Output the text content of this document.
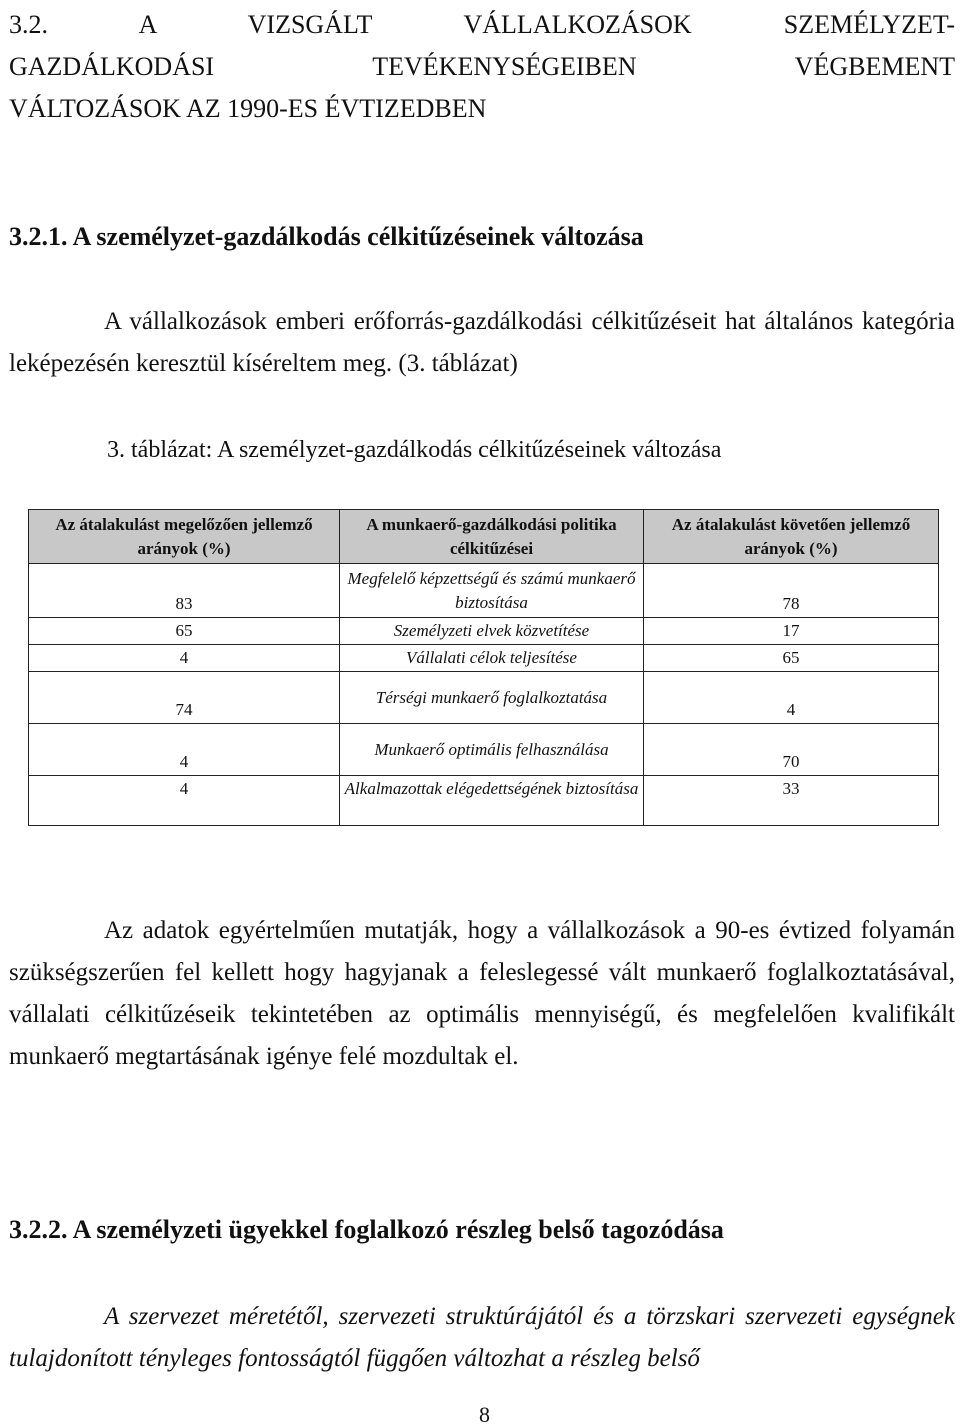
3.2. A VIZSGÁLT VÁLLALKOZÁSOK SZEMÉLYZET-
GAZDÁLKODÁSI TEVÉKENYSÉGEIBEN VÉGBEMENT
VÁLTOZÁSOK AZ 1990-ES ÉVTIZEDBEN
3.2.1. A személyzet-gazdálkodás célkitűzéseinek változása
A vállalkozások emberi erőforrás-gazdálkodási célkitűzéseit hat általános kategória leképezésén keresztül kíséreltem meg. (3. táblázat)
3. táblázat: A személyzet-gazdálkodás célkitűzéseinek változása
Az átalakulást megelőzően jellemző arányok (%)	A munkaerő-gazdálkodási politika célkitűzései	Az átalakulást követően jellemző arányok (%)
83	Megfelelő képzettségű és számú munkaerő biztosítása	78
65	Személyzeti elvek közvetítése	17
4	Vállalati célok teljesítése	65
74	Térségi munkaerő foglalkoztatása	4
4	Munkaerő optimális felhasználása	70
4	Alkalmazottak elégedettségének biztosítása	33
Az adatok egyértelműen mutatják, hogy a vállalkozások a 90-es évtized folyamán szükségszerűen fel kellett hogy hagyjanak a feleslegessé vált munkaerő foglalkoztatásával, vállalati célkitűzéseik tekintetében az optimális mennyiségű, és megfelelően kvalifikált munkaerő megtartásának igénye felé mozdultak el.
3.2.2. A személyzeti ügyekkel foglalkozó részleg belső tagozódása
A szervezet méretétől, szervezeti struktúrájától és a törzskari szervezeti egységnek tulajdonított tényleges fontosságtól függően változhat a részleg belső
8
